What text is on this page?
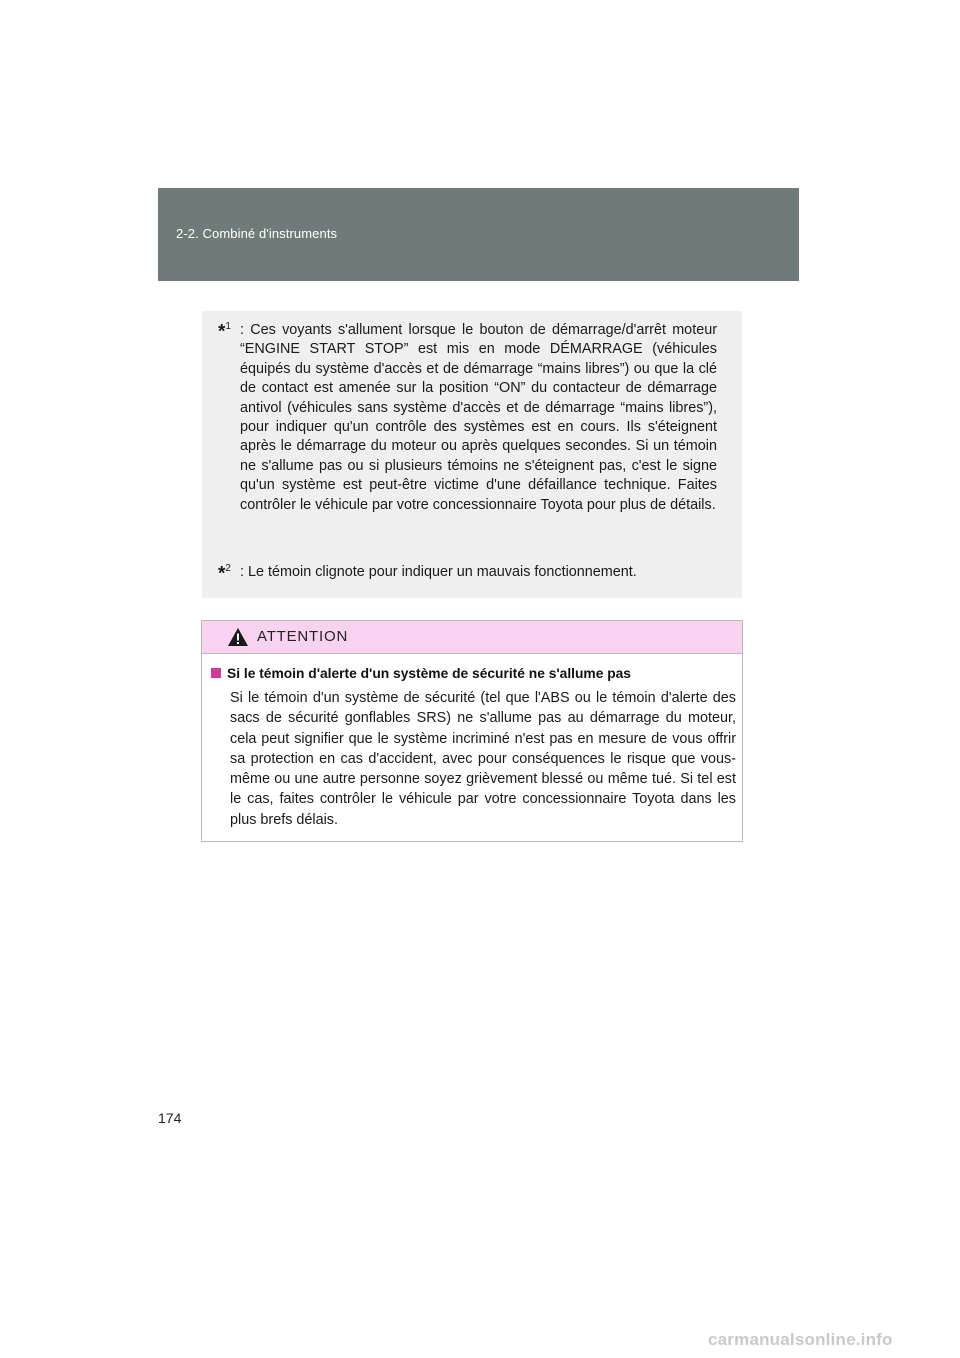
2-2. Combiné d'instruments
*$^1$ : Ces voyants s'allument lorsque le bouton de démarrage/d'arrêt moteur “ENGINE START STOP” est mis en mode DÉMARRAGE (véhicules équipés du système d'accès et de démarrage “mains libres”) ou que la clé de contact est amenée sur la position “ON” du contacteur de démarrage antivol (véhicules sans système d'accès et de démarrage “mains libres”), pour indiquer qu'un contrôle des systèmes est en cours. Ils s'éteignent après le démarrage du moteur ou après quelques secondes. Si un témoin ne s'allume pas ou si plusieurs témoins ne s'éteignent pas, c'est le signe qu'un système est peut-être victime d'une défaillance technique. Faites contrôler le véhicule par votre concessionnaire Toyota pour plus de détails.
*$^2$ : Le témoin clignote pour indiquer un mauvais fonctionnement.
ATTENTION
Si le témoin d'alerte d'un système de sécurité ne s'allume pas
Si le témoin d'un système de sécurité (tel que l'ABS ou le témoin d'alerte des sacs de sécurité gonflables SRS) ne s'allume pas au démarrage du moteur, cela peut signifier que le système incriminé n'est pas en mesure de vous offrir sa protection en cas d'accident, avec pour conséquences le risque que vous-même ou une autre personne soyez grièvement blessé ou même tué. Si tel est le cas, faites contrôler le véhicule par votre concessionnaire Toyota dans les plus brefs délais.
174
carmanualsonline.info
